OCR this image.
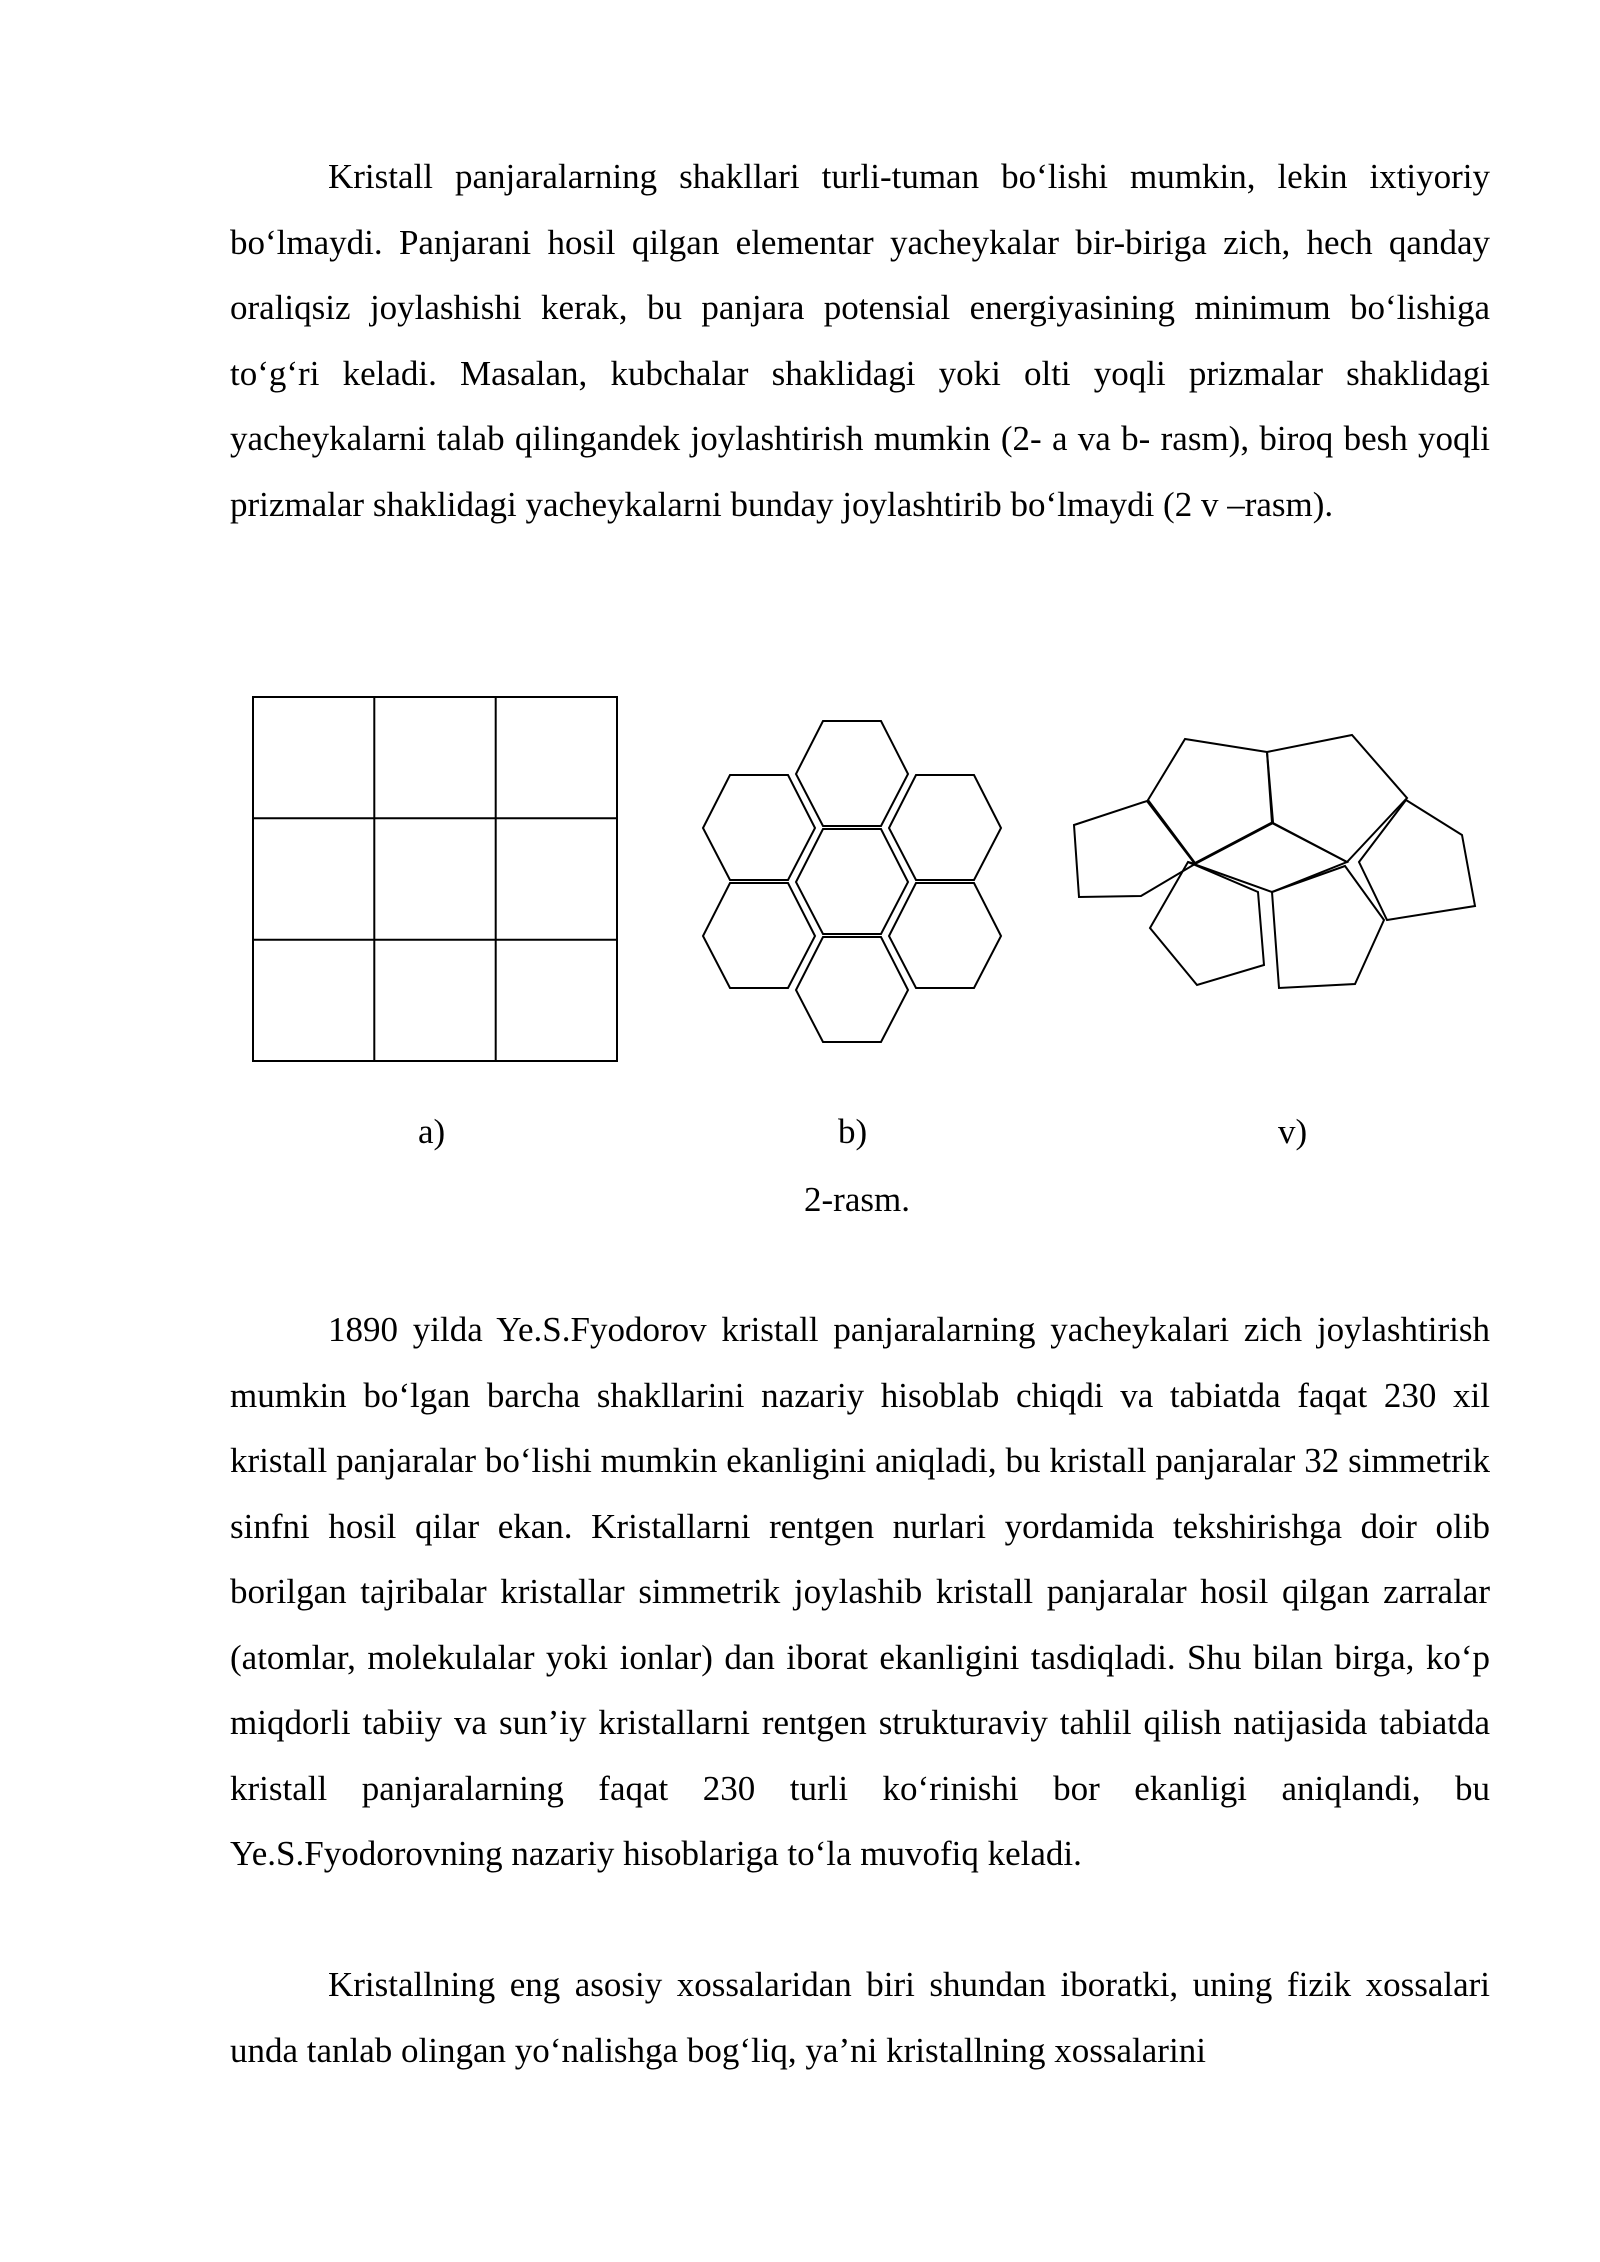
Kristall panjaralarning shakllari turli-tuman bo‘lishi mumkin, lekin ixtiyoriy bo‘lmaydi. Panjarani hosil qilgan elementar yacheykalar bir-biriga zich, hech qanday oraliqsiz joylashishi kerak, bu panjara potensial energiyasining minimum bo‘lishiga to‘g‘ri keladi. Masalan, kubchalar shaklidagi yoki olti yoqli prizmalar shaklidagi yacheykalarni talab qilingandek joylashtirish mumkin (2- a va b- rasm), biroq besh yoqli prizmalar shaklidagi yacheykalarni bunday joylashtirib bo‘lmaydi (2 v –rasm).

a)	b)	v)
2-rasm.

1890 yilda Ye.S.Fyodorov kristall panjaralarning yacheykalari zich joylashtirish mumkin bo‘lgan barcha shakllarini nazariy hisoblab chiqdi va tabiatda faqat 230 xil kristall panjaralar bo‘lishi mumkin ekanligini aniqladi, bu kristall panjaralar 32 simmetrik sinfni hosil qilar ekan. Kristallarni rentgen nurlari yordamida tekshirishga doir olib borilgan tajribalar kristallar simmetrik joylashib kristall panjaralar hosil qilgan zarralar (atomlar, molekulalar yoki ionlar) dan iborat ekanligini tasdiqladi. Shu bilan birga, ko‘p miqdorli tabiiy va sun’iy kristallarni rentgen strukturaviy tahlil qilish natijasida tabiatda kristall panjaralarning faqat 230 turli ko‘rinishi bor ekanligi aniqlandi, bu Ye.S.Fyodorovning nazariy hisoblariga to‘la muvofiq keladi.

Kristallning eng asosiy xossalaridan biri shundan iboratki, uning fizik xossalari unda tanlab olingan yo‘nalishga bog‘liq, ya’ni kristallning xossalarini
